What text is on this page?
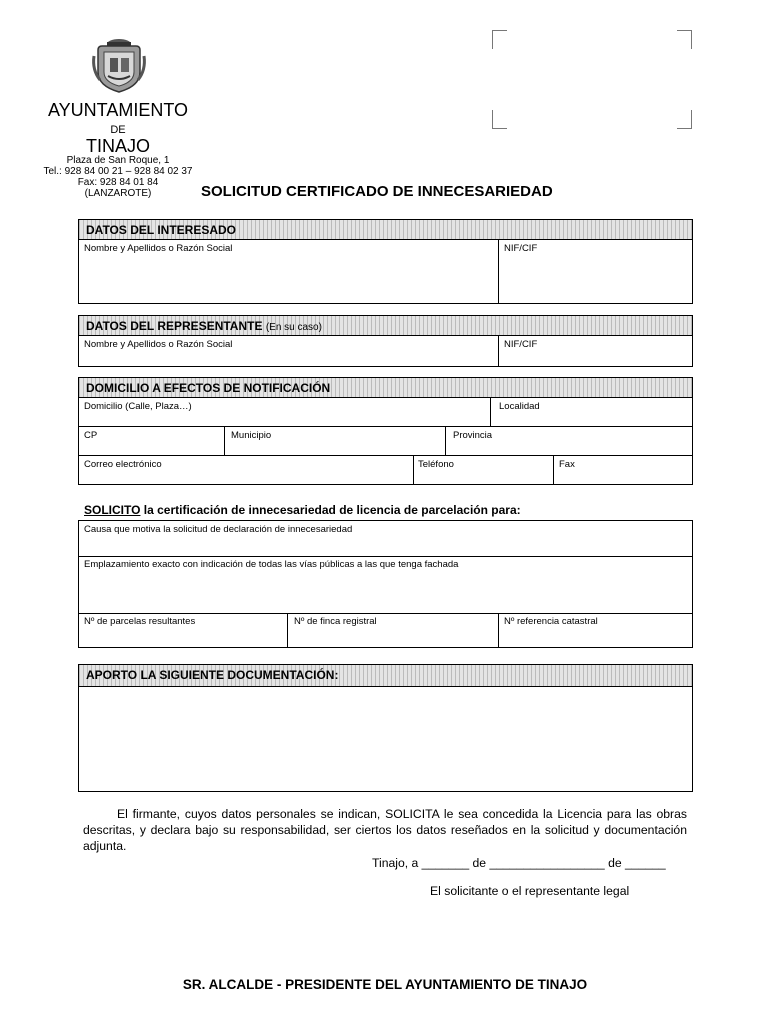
AYUNTAMIENTO
DE
TINAJO
Plaza de San Roque, 1
Tel.: 928 84 00 21 – 928 84 02 37
Fax: 928 84 01 84
(LANZAROTE)	SOLICITUD CERTIFICADO DE INNECESARIEDAD
DATOS DEL INTERESADO
Nombre y Apellidos o Razón Social	NIF/CIF
DATOS DEL REPRESENTANTE (En su caso)
Nombre y Apellidos o Razón Social	NIF/CIF
DOMICILIO A EFECTOS DE NOTIFICACIÓN
Domicilio (Calle, Plaza…)	Localidad
CP	Municipio	Provincia
Correo electrónico	Teléfono	Fax
SOLICITO la certificación de innecesariedad de licencia de parcelación para:
Causa que motiva la solicitud de declaración de innecesariedad
Emplazamiento exacto con indicación de todas las vías públicas a las que tenga fachada
Nº de parcelas resultantes	Nº de finca registral	Nº referencia catastral
APORTO LA SIGUIENTE DOCUMENTACIÓN:
El firmante, cuyos datos personales se indican, SOLICITA le sea concedida la Licencia para las obras descritas, y declara bajo su responsabilidad, ser ciertos los datos reseñados en la solicitud y documentación adjunta.
Tinajo, a _______ de _________________ de ______
El solicitante o el representante legal
SR. ALCALDE - PRESIDENTE DEL AYUNTAMIENTO DE TINAJO
